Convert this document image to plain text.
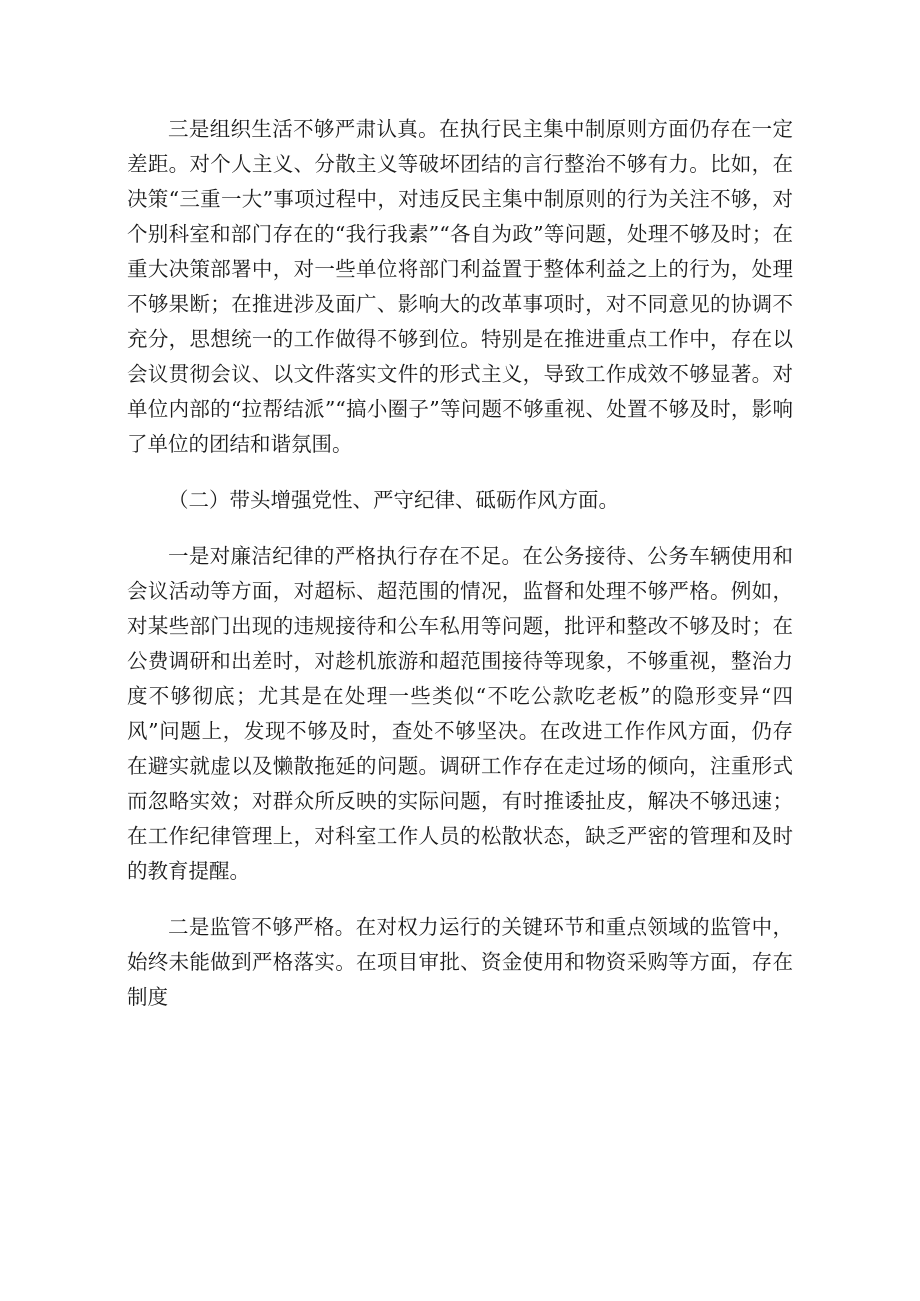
三是组织生活不够严肃认真。在执行民主集中制原则方面仍存在一定差距。对个人主义、分散主义等破坏团结的言行整治不够有力。比如，在决策“三重一大”事项过程中，对违反民主集中制原则的行为关注不够，对个别科室和部门存在的“我行我素”“各自为政”等问题，处理不够及时；在重大决策部署中，对一些单位将部门利益置于整体利益之上的行为，处理不够果断；在推进涉及面广、影响大的改革事项时，对不同意见的协调不充分，思想统一的工作做得不够到位。特别是在推进重点工作中，存在以会议贯彻会议、以文件落实文件的形式主义，导致工作成效不够显著。对单位内部的“拉帮结派”“搞小圈子”等问题不够重视、处置不够及时，影响了单位的团结和谐氛围。

（二）带头增强党性、严守纪律、砥砺作风方面。

一是对廉洁纪律的严格执行存在不足。在公务接待、公务车辆使用和会议活动等方面，对超标、超范围的情况，监督和处理不够严格。例如，对某些部门出现的违规接待和公车私用等问题，批评和整改不够及时；在公费调研和出差时，对趁机旅游和超范围接待等现象，不够重视，整治力度不够彻底；尤其是在处理一些类似“不吃公款吃老板”的隐形变异“四风”问题上，发现不够及时，查处不够坚决。在改进工作作风方面，仍存在避实就虚以及懒散拖延的问题。调研工作存在走过场的倾向，注重形式而忽略实效；对群众所反映的实际问题，有时推诿扯皮，解决不够迅速；在工作纪律管理上，对科室工作人员的松散状态，缺乏严密的管理和及时的教育提醒。

二是监管不够严格。在对权力运行的关键环节和重点领域的监管中，始终未能做到严格落实。在项目审批、资金使用和物资采购等方面，存在制度
